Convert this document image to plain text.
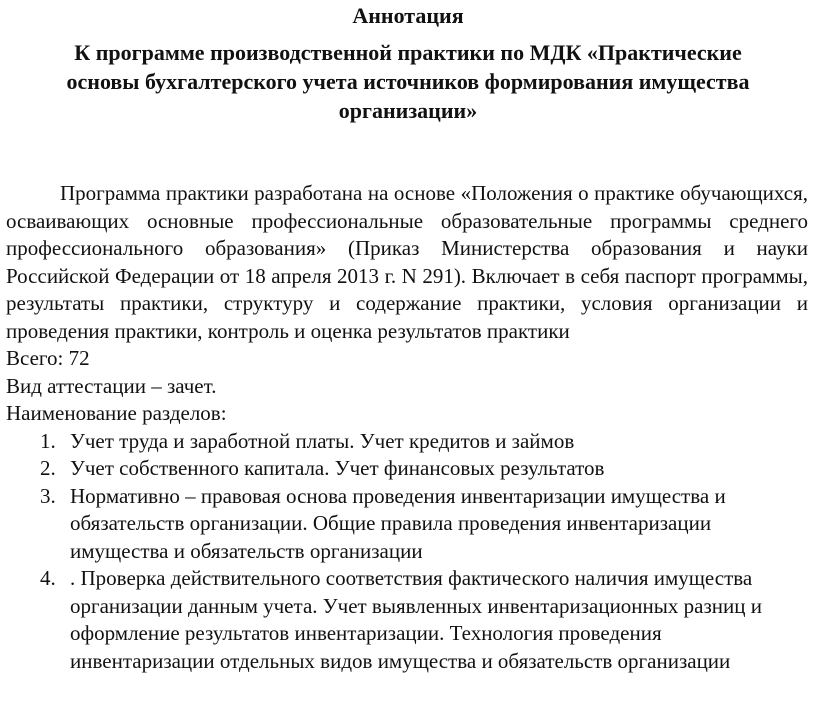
Аннотация
К программе производственной практики по МДК «Практические
основы бухгалтерского учета источников формирования имущества
организации»

Программа практики разработана на основе «Положения о практике обучающихся, осваивающих основные профессиональные образовательные программы среднего профессионального образования» (Приказ Министерства образования и науки Российской Федерации от 18 апреля 2013 г. N 291). Включает в себя паспорт программы, результаты практики, структуру и содержание практики, условия организации и проведения практики, контроль и оценка результатов практики

Всего: 72

Вид аттестации – зачет.

Наименование разделов:

1. Учет труда и заработной платы. Учет кредитов и займов
2. Учет собственного капитала. Учет финансовых результатов
3. Нормативно – правовая основа проведения инвентаризации имущества и обязательств организации. Общие правила проведения инвентаризации имущества и обязательств организации
4. . Проверка действительного соответствия фактического наличия имущества организации данным учета. Учет выявленных инвентаризационных разниц и оформление результатов инвентаризации. Технология проведения инвентаризации отдельных видов имущества и обязательств организации
